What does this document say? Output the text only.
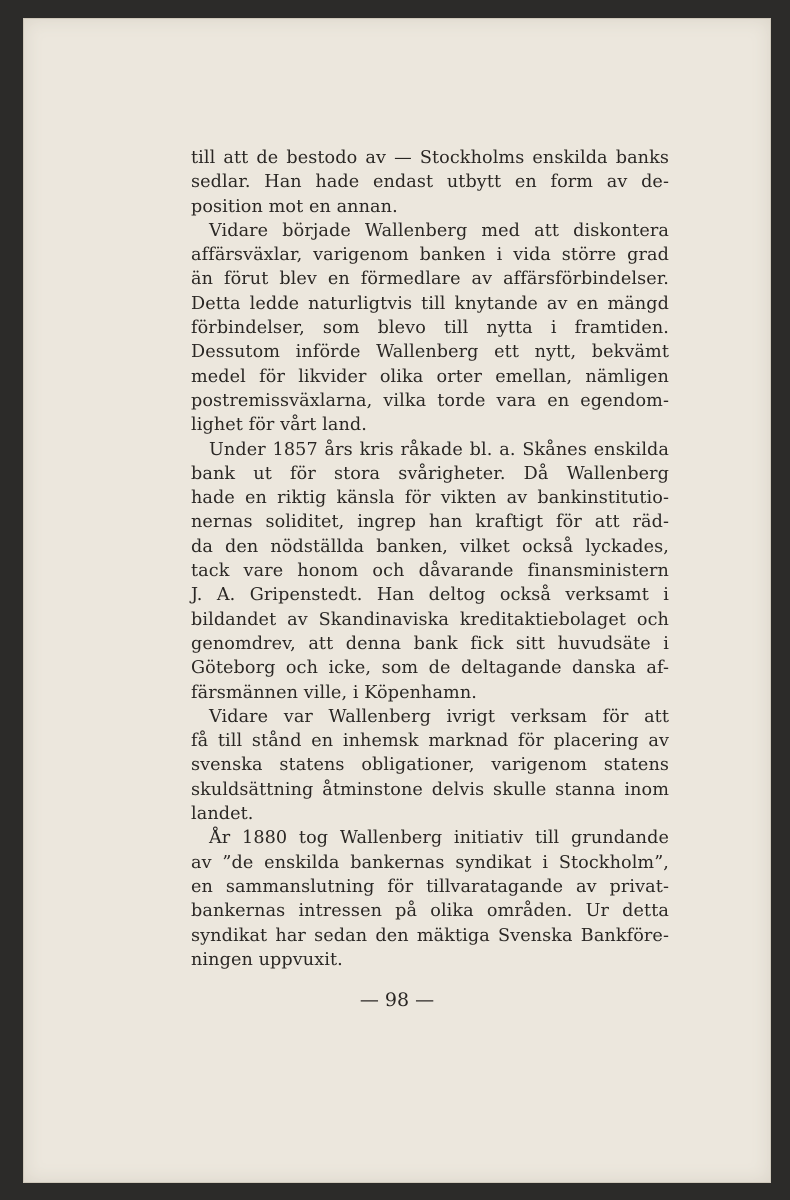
till att de bestodo av — Stockholms enskilda banks
sedlar. Han hade endast utbytt en form av de-
position mot en annan.
Vidare började Wallenberg med att diskontera
affärsväxlar, varigenom banken i vida större grad
än förut blev en förmedlare av affärsförbindelser.
Detta ledde naturligtvis till knytande av en mängd
förbindelser, som blevo till nytta i framtiden.
Dessutom införde Wallenberg ett nytt, bekvämt
medel för likvider olika orter emellan, nämligen
postremissväxlarna, vilka torde vara en egendom-
lighet för vårt land.
Under 1857 års kris råkade bl. a. Skånes enskilda
bank ut för stora svårigheter. Då Wallenberg
hade en riktig känsla för vikten av bankinstitutio-
nernas soliditet, ingrep han kraftigt för att räd-
da den nödställda banken, vilket också lyckades,
tack vare honom och dåvarande finansministern
J. A. Gripenstedt. Han deltog också verksamt i
bildandet av Skandinaviska kreditaktiebolaget och
genomdrev, att denna bank fick sitt huvudsäte i
Göteborg och icke, som de deltagande danska af-
färsmännen ville, i Köpenhamn.
Vidare var Wallenberg ivrigt verksam för att
få till stånd en inhemsk marknad för placering av
svenska statens obligationer, varigenom statens
skuldsättning åtminstone delvis skulle stanna inom
landet.
År 1880 tog Wallenberg initiativ till grundande
av ”de enskilda bankernas syndikat i Stockholm”,
en sammanslutning för tillvaratagande av privat-
bankernas intressen på olika områden. Ur detta
syndikat har sedan den mäktiga Svenska Bankföre-
ningen uppvuxit.
— 98 —
